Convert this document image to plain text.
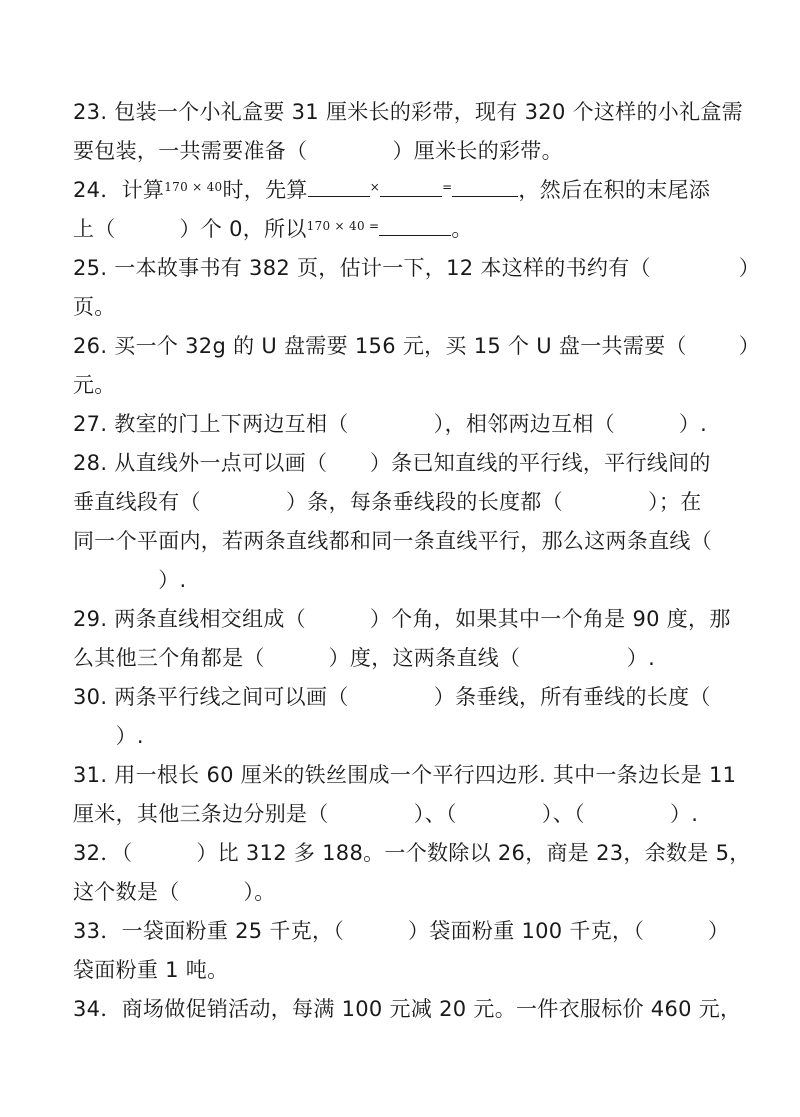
23. 包装一个小礼盒要 31 厘米长的彩带，现有 320 个这样的小礼盒需
要包装，一共需要准备（　　　　）厘米长的彩带。
24．计算$^{170 \times 40}$时，先算	×	=	，然后在积的末尾添
上（　　　）个 0，所以$^{170 \times 40 =}$	。
25. 一本故事书有 382 页，估计一下，12 本这样的书约有（	）
页。
26. 买一个 32g 的 U 盘需要 156 元，买 15 个 U 盘一共需要（ ）
元。
27. 教室的门上下两边互相（　　　　），相邻两边互相（　　　）.
28. 从直线外一点可以画（　　）条已知直线的平行线，平行线间的
垂直线段有（　　　　）条，每条垂线段的长度都（　　　　）；在
同一个平面内，若两条直线都和同一条直线平行，那么这两条直线（
　　　　）.
29. 两条直线相交组成（　　　）个角，如果其中一个角是 90 度，那
么其他三个角都是（　　　）度，这两条直线（　　　　　）.
30. 两条平行线之间可以画（　　　　）条垂线，所有垂线的长度（
　　）.
31. 用一根长 60 厘米的铁丝围成一个平行四边形. 其中一条边长是 11
厘米，其他三条边分别是（　　　　）、（　　　　）、（　　　　）.
32．（　　　）比 312 多 188。一个数除以 26，商是 23，余数是 5，
这个数是（　　　）。
33．一袋面粉重 25 千克，（　　　）袋面粉重 100 千克，（　　　）
袋面粉重 1 吨。
34．商场做促销活动，每满 100 元减 20 元。一件衣服标价 460 元，
